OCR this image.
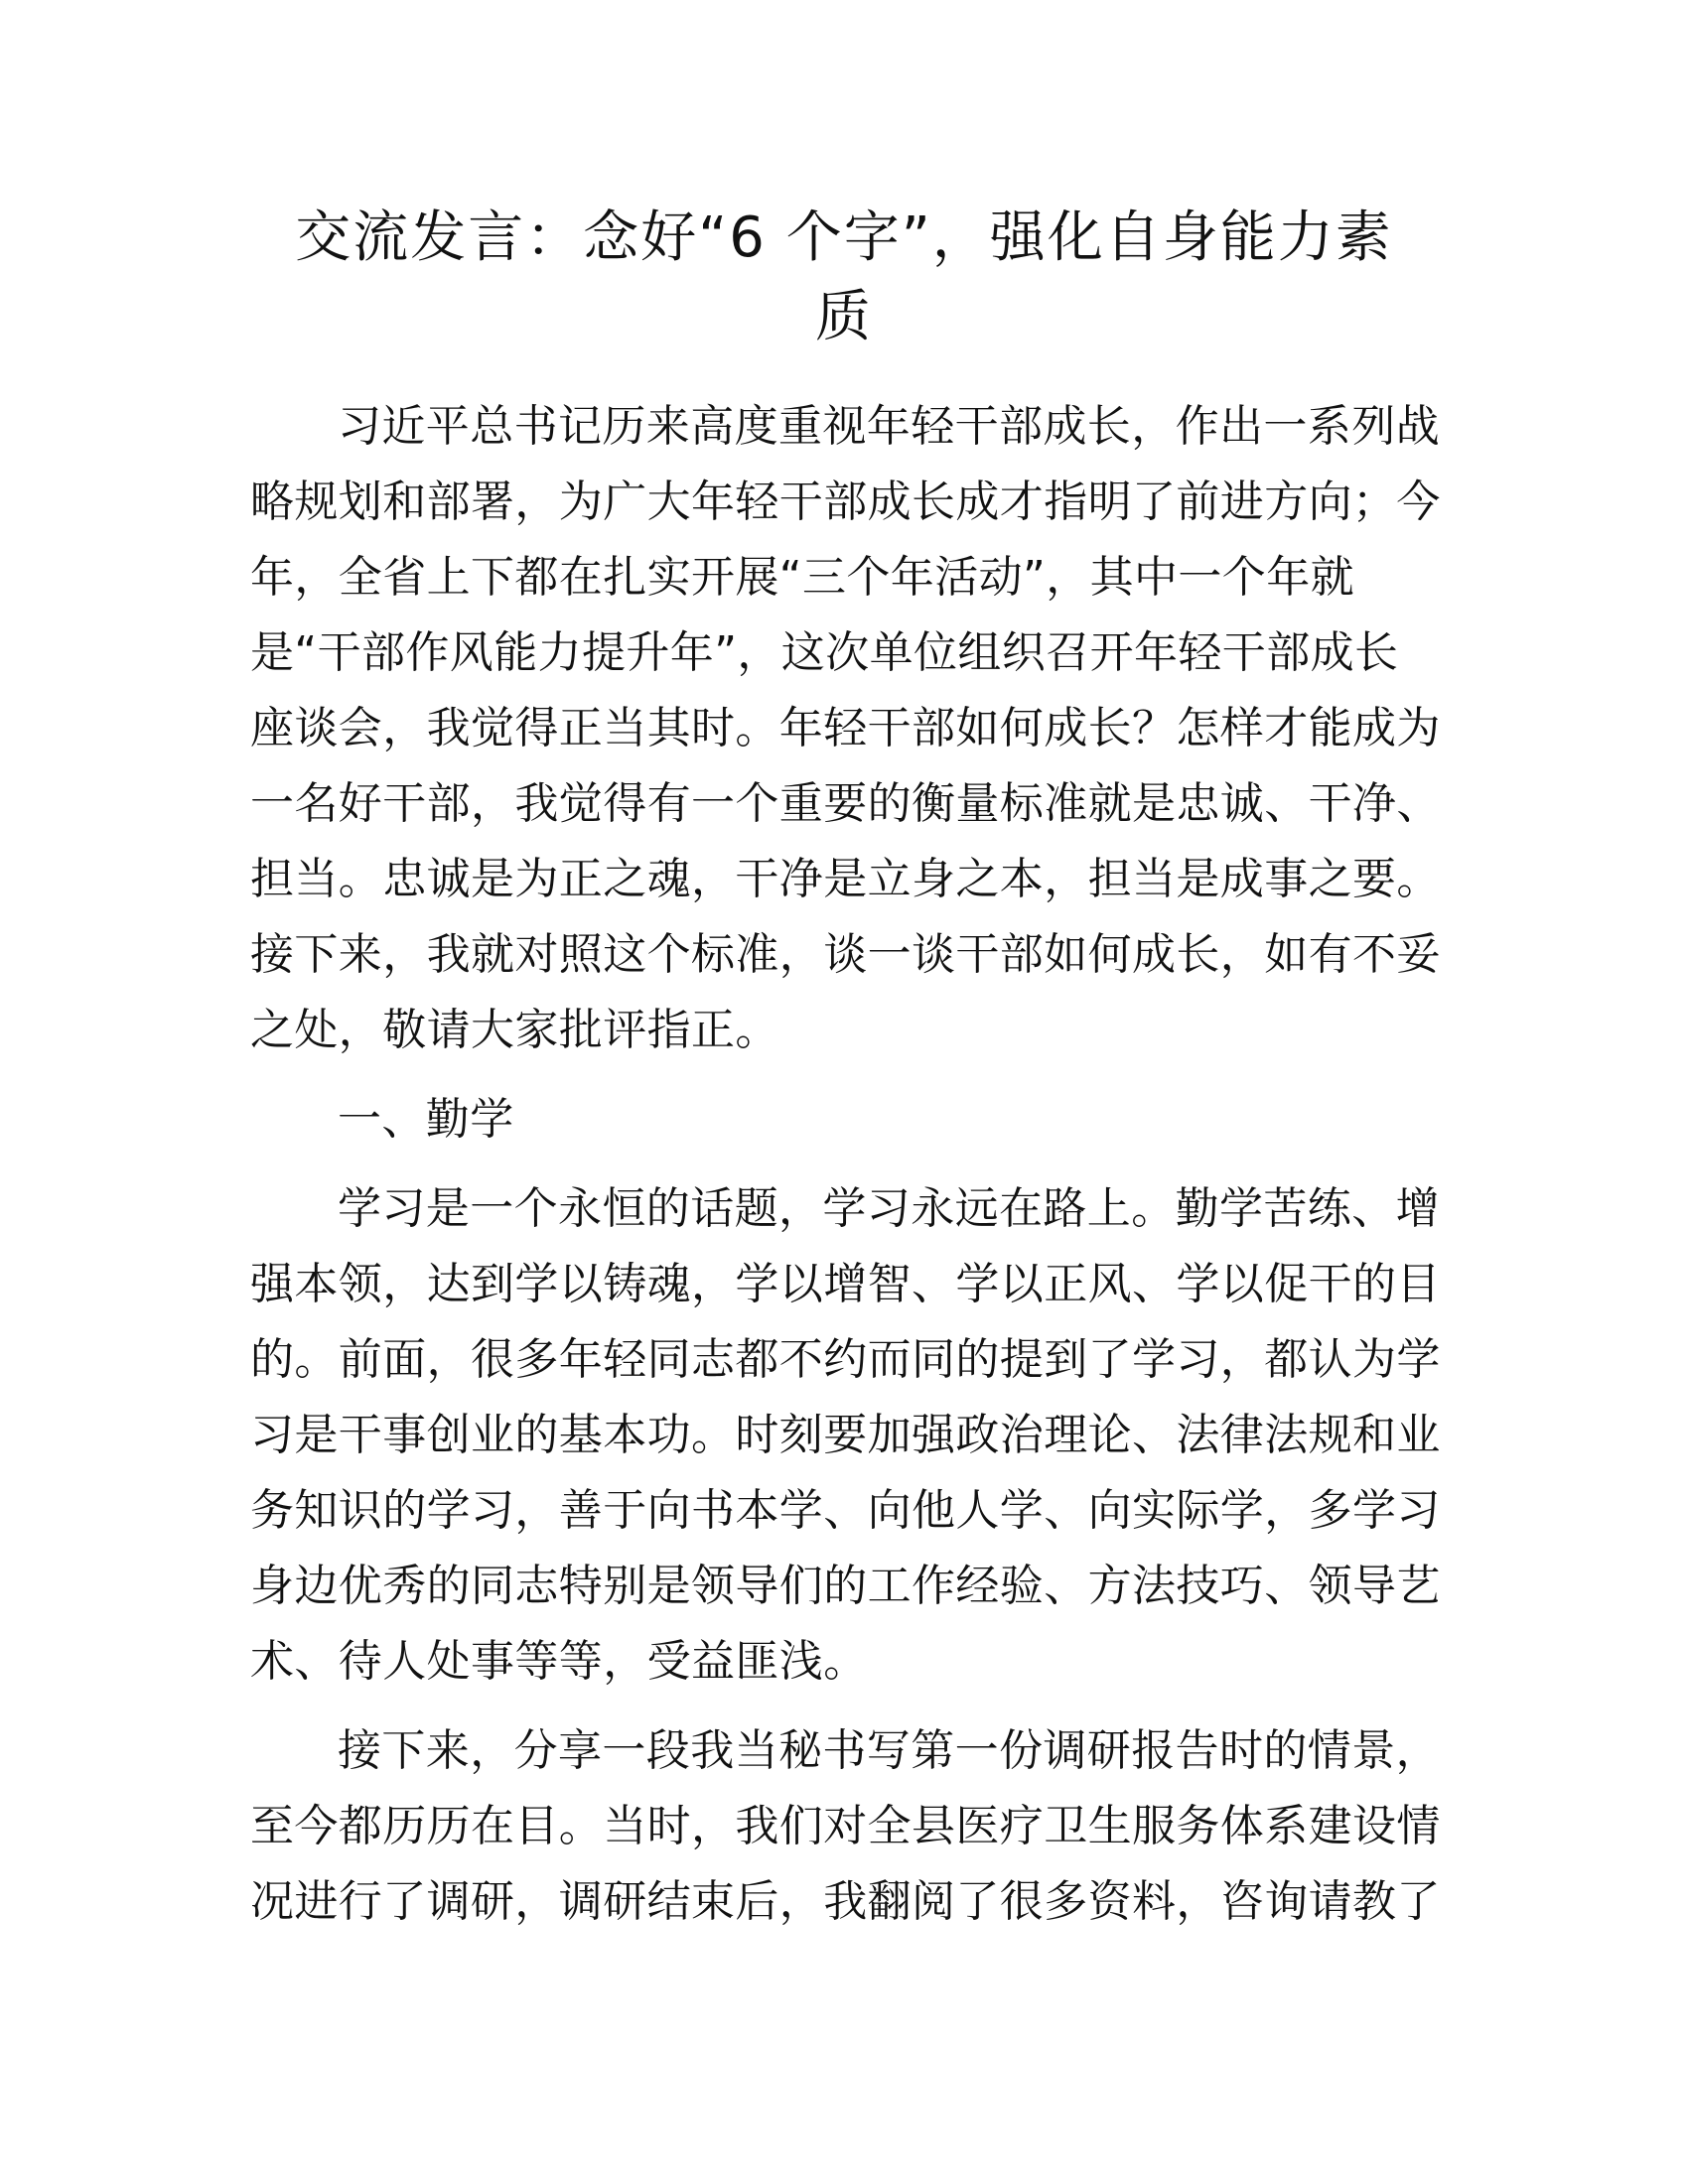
交流发言：念好“6 个字”，强化自身能力素
质
习近平总书记历来高度重视年轻干部成长，作出一系列战
略规划和部署，为广大年轻干部成长成才指明了前进方向；今
年，全省上下都在扎实开展“三个年活动”，其中一个年就
是“干部作风能力提升年”，这次单位组织召开年轻干部成长
座谈会，我觉得正当其时。年轻干部如何成长？怎样才能成为
一名好干部，我觉得有一个重要的衡量标准就是忠诚、干净、
担当。忠诚是为正之魂，干净是立身之本，担当是成事之要。
接下来，我就对照这个标准，谈一谈干部如何成长，如有不妥
之处，敬请大家批评指正。
一、勤学
学习是一个永恒的话题，学习永远在路上。勤学苦练、增
强本领，达到学以铸魂，学以增智、学以正风、学以促干的目
的。前面，很多年轻同志都不约而同的提到了学习，都认为学
习是干事创业的基本功。时刻要加强政治理论、法律法规和业
务知识的学习，善于向书本学、向他人学、向实际学，多学习
身边优秀的同志特别是领导们的工作经验、方法技巧、领导艺
术、待人处事等等，受益匪浅。
接下来，分享一段我当秘书写第一份调研报告时的情景，
至今都历历在目。当时，我们对全县医疗卫生服务体系建设情
况进行了调研，调研结束后，我翻阅了很多资料，咨询请教了
